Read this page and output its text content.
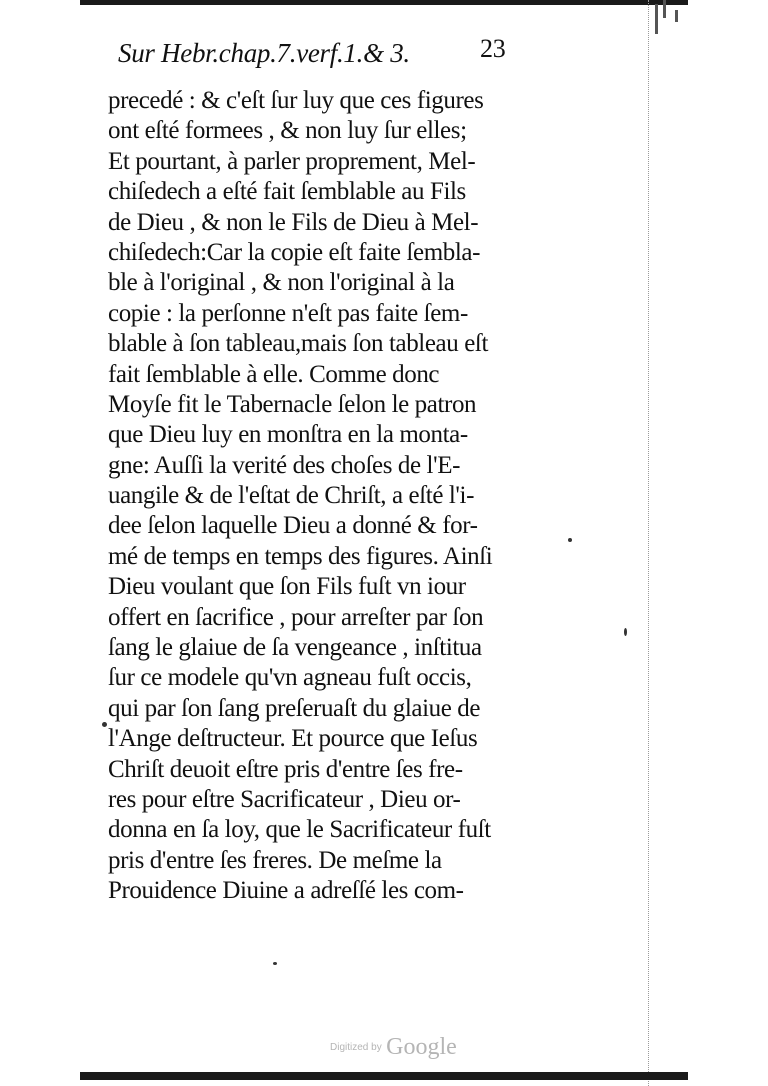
Sur Hebr.chap.7.verf.1.& 3.	23
precedé : & c'eſt ſur luy que ces figures
ont eſté formees , & non luy ſur elles;
Et pourtant, à parler proprement, Mel-
chiſedech a eſté fait ſemblable au Fils
de Dieu , & non le Fils de Dieu à Mel-
chiſedech:Car la copie eſt faite ſembla-
ble à l'original , & non l'original à la
copie : la perſonne n'eſt pas faite ſem-
blable à ſon tableau,mais ſon tableau eſt
fait ſemblable à elle. Comme donc
Moyſe fit le Tabernacle ſelon le patron
que Dieu luy en monſtra en la monta-
gne: Auſſi la verité des choſes de l'E-
uangile & de l'eſtat de Chriſt, a eſté l'i-
dee ſelon laquelle Dieu a donné & for-
mé de temps en temps des figures. Ainſi
Dieu voulant que ſon Fils fuſt vn iour
offert en ſacrifice , pour arreſter par ſon
ſang le glaiue de ſa vengeance , inſtitua
ſur ce modele qu'vn agneau fuſt occis,
qui par ſon ſang preſeruaſt du glaiue de
l'Ange deſtructeur. Et pource que Ieſus
Chriſt deuoit eſtre pris d'entre ſes fre-
res pour eſtre Sacrificateur , Dieu or-
donna en ſa loy, que le Sacrificateur fuſt
pris d'entre ſes freres. De meſme la
Prouidence Diuine a adreſſé les com-
Digitized by Google
